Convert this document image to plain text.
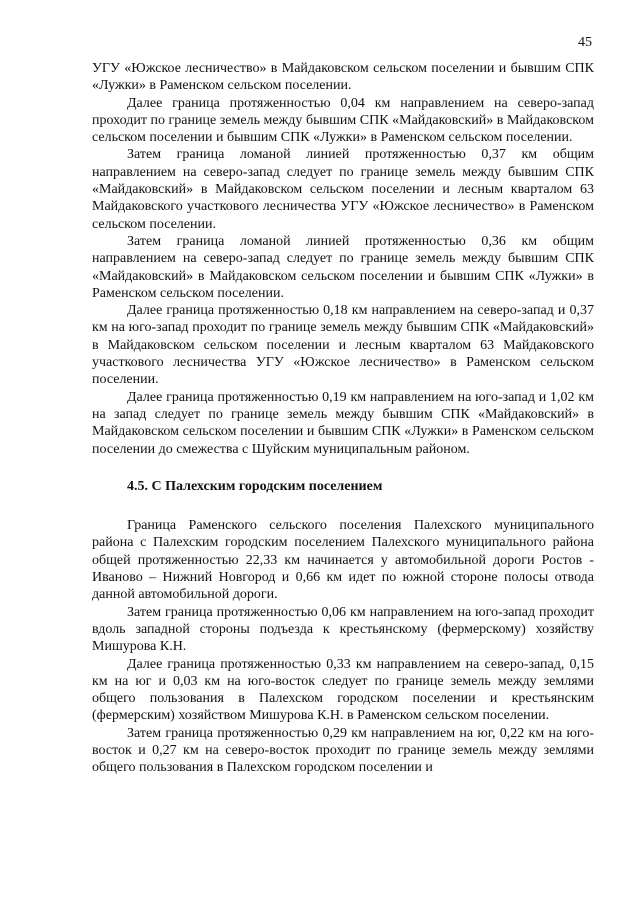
45

УГУ «Южское лесничество» в Майдаковском сельском поселении и бывшим СПК «Лужки» в Раменском сельском поселении.

Далее граница протяженностью 0,04 км направлением на северо-запад проходит по границе земель между бывшим СПК «Майдаковский» в Майдаковском сельском поселении и бывшим СПК «Лужки» в Раменском сельском поселении.

Затем граница ломаной линией протяженностью 0,37 км общим направлением на северо-запад следует по границе земель между бывшим СПК «Майдаковский» в Майдаковском сельском поселении и лесным кварталом 63 Майдаковского участкового лесничества УГУ «Южское лесничество» в Раменском сельском поселении.

Затем граница ломаной линией протяженностью 0,36 км общим направлением на северо-запад следует по границе земель между бывшим СПК «Майдаковский» в Майдаковском сельском поселении и бывшим СПК «Лужки» в Раменском сельском поселении.

Далее граница протяженностью 0,18 км направлением на северо-запад и 0,37 км на юго-запад проходит по границе земель между бывшим СПК «Майдаковский» в Майдаковском сельском поселении и лесным кварталом 63 Майдаковского участкового лесничества УГУ «Южское лесничество» в Раменском сельском поселении.

Далее граница протяженностью 0,19 км направлением на юго-запад и 1,02 км на запад следует по границе земель между бывшим СПК «Майдаковский» в Майдаковском сельском поселении и бывшим СПК «Лужки» в Раменском сельском поселении до смежества с Шуйским муниципальным районом.

4.5. С Палехским городским поселением

Граница Раменского сельского поселения Палехского муниципального района с Палехским городским поселением Палехского муниципального района общей протяженностью 22,33 км начинается у автомобильной дороги Ростов - Иваново – Нижний Новгород и 0,66 км идет по южной стороне полосы отвода данной автомобильной дороги.

Затем граница протяженностью 0,06 км направлением на юго-запад проходит вдоль западной стороны подъезда к крестьянскому (фермерскому) хозяйству Мишурова К.Н.

Далее граница протяженностью 0,33 км направлением на северо-запад, 0,15 км на юг и 0,03 км на юго-восток следует по границе земель между землями общего пользования в Палехском городском поселении и крестьянским (фермерским) хозяйством Мишурова К.Н. в Раменском сельском поселении.

Затем граница протяженностью 0,29 км направлением на юг, 0,22 км на юго-восток и 0,27 км на северо-восток проходит по границе земель между землями общего пользования в Палехском городском поселении и
